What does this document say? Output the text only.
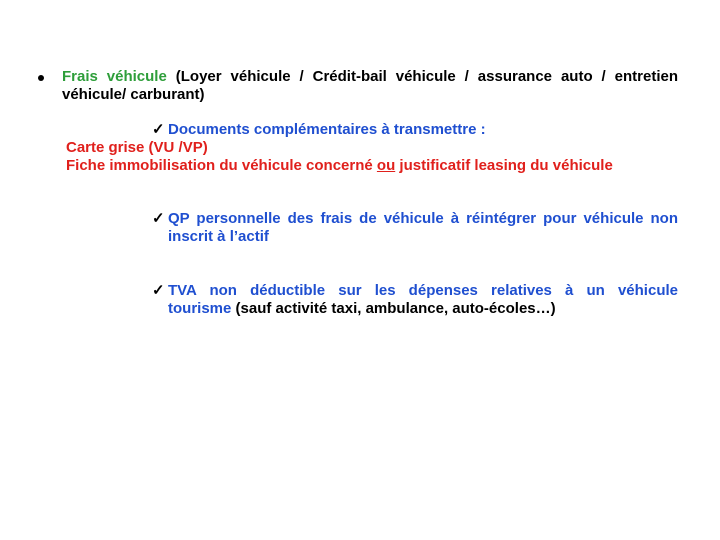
Frais véhicule (Loyer véhicule / Crédit-bail véhicule / assurance auto / entretien
véhicule/ carburant)
✓ Documents complémentaires à transmettre :
Carte grise (VU /VP)
Fiche immobilisation du véhicule concerné ou justificatif leasing du véhicule
✓ QP personnelle des frais de véhicule à réintégrer pour véhicule non
inscrit à l’actif
✓ TVA non déductible sur les dépenses relatives à un véhicule
tourisme (sauf activité taxi, ambulance, auto-écoles…)
